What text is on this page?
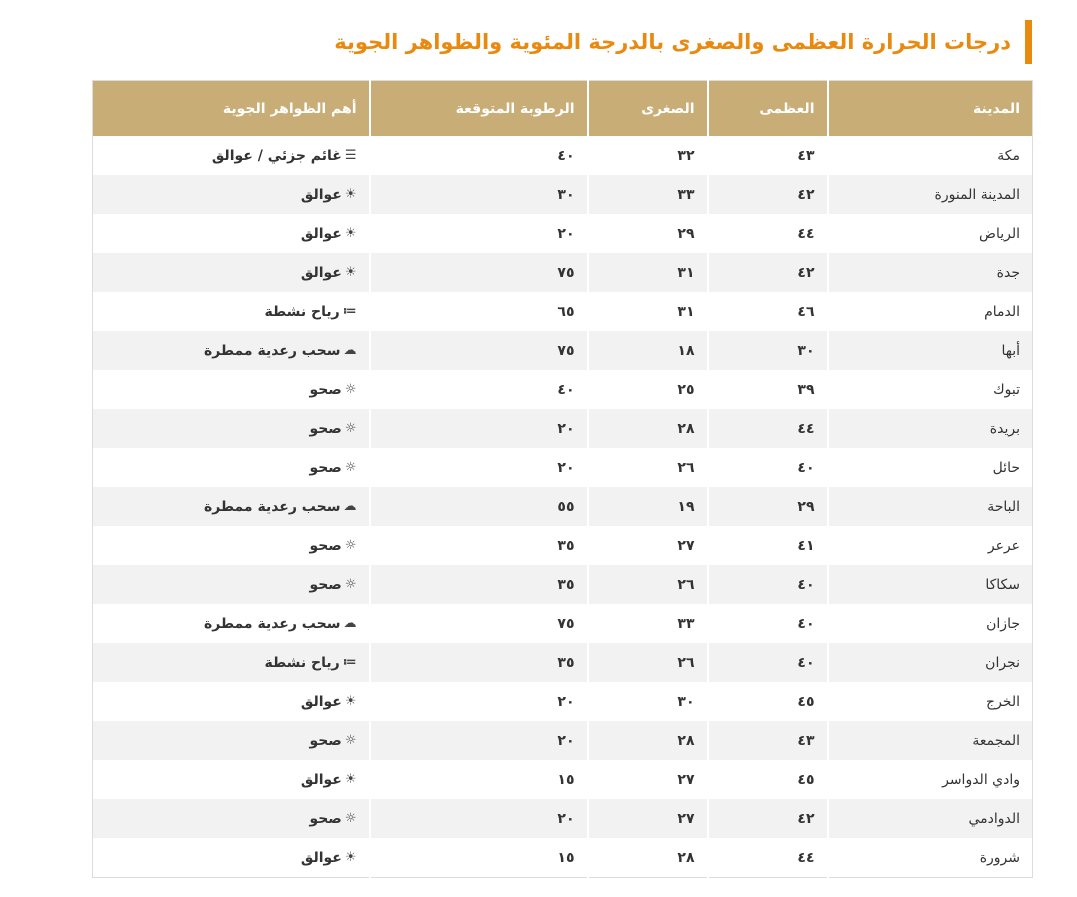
درجات الحرارة العظمى والصغرى بالدرجة المئوية والظواهر الجوية
المدينة	العظمى	الصغرى	الرطوبة المتوقعة	أهم الظواهر الجوية
مكة	٤٣	٣٢	٤٠	☰
غائم جزئي / عوالق

المدينة المنورة	٤٢	٣٣	٣٠	☀
عوالق

الرياض	٤٤	٢٩	٢٠	☀
عوالق

جدة	٤٢	٣١	٧٥	☀
عوالق

الدمام	٤٦	٣١	٦٥	≕
رياح نشطة

أبها	٣٠	١٨	٧٥	☁
سحب رعدية ممطرة

تبوك	٣٩	٢٥	٤٠	☼
صحو

بريدة	٤٤	٢٨	٢٠	☼
صحو

حائل	٤٠	٢٦	٢٠	☼
صحو

الباحة	٢٩	١٩	٥٥	☁
سحب رعدية ممطرة

عرعر	٤١	٢٧	٣٥	☼
صحو

سكاكا	٤٠	٢٦	٣٥	☼
صحو

جازان	٤٠	٣٣	٧٥	☁
سحب رعدية ممطرة

نجران	٤٠	٢٦	٣٥	≕
رياح نشطة

الخرج	٤٥	٣٠	٢٠	☀
عوالق

المجمعة	٤٣	٢٨	٢٠	☼
صحو

وادي الدواسر	٤٥	٢٧	١٥	☀
عوالق

الدوادمي	٤٢	٢٧	٢٠	☼
صحو

شرورة	٤٤	٢٨	١٥	☀
عوالق
